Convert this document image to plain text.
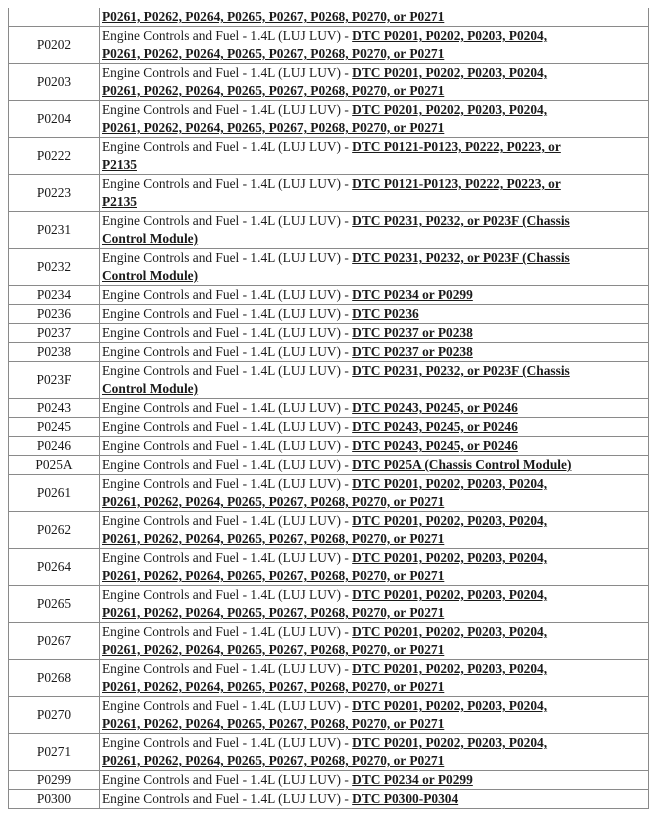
	P0261, P0262, P0264, P0265, P0267, P0268, P0270, or P0271
P0202	Engine Controls and Fuel - 1.4L (LUJ LUV) - DTC P0201, P0202, P0203, P0204,
P0261, P0262, P0264, P0265, P0267, P0268, P0270, or P0271
P0203	Engine Controls and Fuel - 1.4L (LUJ LUV) - DTC P0201, P0202, P0203, P0204,
P0261, P0262, P0264, P0265, P0267, P0268, P0270, or P0271
P0204	Engine Controls and Fuel - 1.4L (LUJ LUV) - DTC P0201, P0202, P0203, P0204,
P0261, P0262, P0264, P0265, P0267, P0268, P0270, or P0271
P0222	Engine Controls and Fuel - 1.4L (LUJ LUV) - DTC P0121-P0123, P0222, P0223, or
P2135
P0223	Engine Controls and Fuel - 1.4L (LUJ LUV) - DTC P0121-P0123, P0222, P0223, or
P2135
P0231	Engine Controls and Fuel - 1.4L (LUJ LUV) - DTC P0231, P0232, or P023F (Chassis
Control Module)
P0232	Engine Controls and Fuel - 1.4L (LUJ LUV) - DTC P0231, P0232, or P023F (Chassis
Control Module)
P0234	Engine Controls and Fuel - 1.4L (LUJ LUV) - DTC P0234 or P0299
P0236	Engine Controls and Fuel - 1.4L (LUJ LUV) - DTC P0236
P0237	Engine Controls and Fuel - 1.4L (LUJ LUV) - DTC P0237 or P0238
P0238	Engine Controls and Fuel - 1.4L (LUJ LUV) - DTC P0237 or P0238
P023F	Engine Controls and Fuel - 1.4L (LUJ LUV) - DTC P0231, P0232, or P023F (Chassis
Control Module)
P0243	Engine Controls and Fuel - 1.4L (LUJ LUV) - DTC P0243, P0245, or P0246
P0245	Engine Controls and Fuel - 1.4L (LUJ LUV) - DTC P0243, P0245, or P0246
P0246	Engine Controls and Fuel - 1.4L (LUJ LUV) - DTC P0243, P0245, or P0246
P025A	Engine Controls and Fuel - 1.4L (LUJ LUV) - DTC P025A (Chassis Control Module)
P0261	Engine Controls and Fuel - 1.4L (LUJ LUV) - DTC P0201, P0202, P0203, P0204,
P0261, P0262, P0264, P0265, P0267, P0268, P0270, or P0271
P0262	Engine Controls and Fuel - 1.4L (LUJ LUV) - DTC P0201, P0202, P0203, P0204,
P0261, P0262, P0264, P0265, P0267, P0268, P0270, or P0271
P0264	Engine Controls and Fuel - 1.4L (LUJ LUV) - DTC P0201, P0202, P0203, P0204,
P0261, P0262, P0264, P0265, P0267, P0268, P0270, or P0271
P0265	Engine Controls and Fuel - 1.4L (LUJ LUV) - DTC P0201, P0202, P0203, P0204,
P0261, P0262, P0264, P0265, P0267, P0268, P0270, or P0271
P0267	Engine Controls and Fuel - 1.4L (LUJ LUV) - DTC P0201, P0202, P0203, P0204,
P0261, P0262, P0264, P0265, P0267, P0268, P0270, or P0271
P0268	Engine Controls and Fuel - 1.4L (LUJ LUV) - DTC P0201, P0202, P0203, P0204,
P0261, P0262, P0264, P0265, P0267, P0268, P0270, or P0271
P0270	Engine Controls and Fuel - 1.4L (LUJ LUV) - DTC P0201, P0202, P0203, P0204,
P0261, P0262, P0264, P0265, P0267, P0268, P0270, or P0271
P0271	Engine Controls and Fuel - 1.4L (LUJ LUV) - DTC P0201, P0202, P0203, P0204,
P0261, P0262, P0264, P0265, P0267, P0268, P0270, or P0271
P0299	Engine Controls and Fuel - 1.4L (LUJ LUV) - DTC P0234 or P0299
P0300	Engine Controls and Fuel - 1.4L (LUJ LUV) - DTC P0300-P0304
